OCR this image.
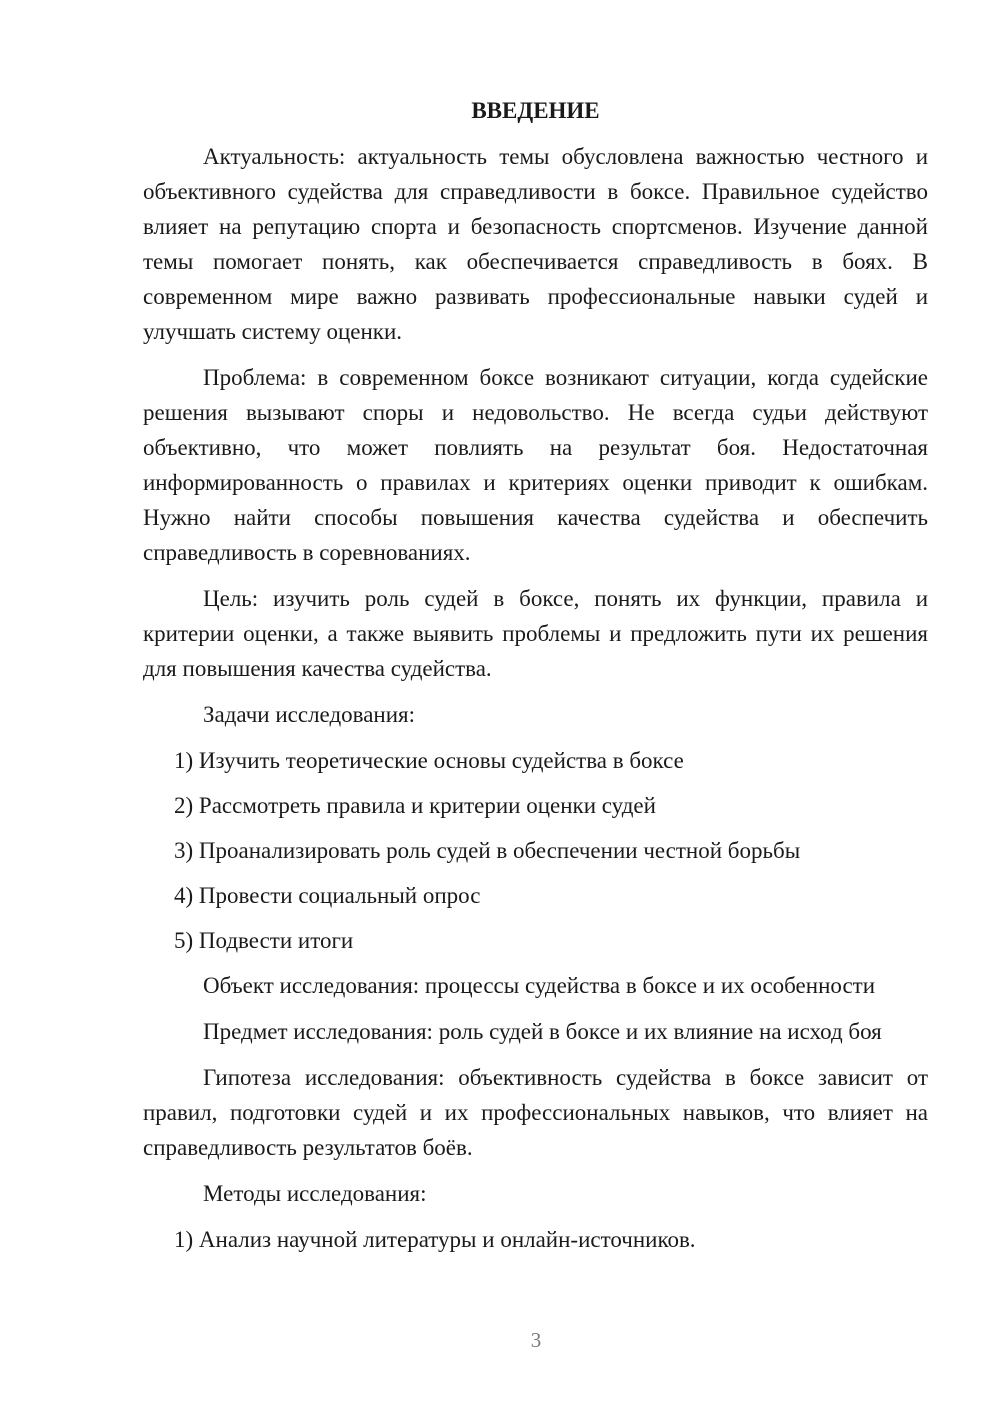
ВВЕДЕНИЕ

Актуальность: актуальность темы обусловлена важностью честного и объективного судейства для справедливости в боксе. Правильное судейство влияет на репутацию спорта и безопасность спортсменов. Изучение данной темы помогает понять, как обеспечивается справедливость в боях. В современном мире важно развивать профессиональные навыки судей и улучшать систему оценки.

Проблема: в современном боксе возникают ситуации, когда судейские решения вызывают споры и недовольство. Не всегда судьи действуют объективно, что может повлиять на результат боя. Недостаточная информированность о правилах и критериях оценки приводит к ошибкам. Нужно найти способы повышения качества судейства и обеспечить справедливость в соревнованиях.

Цель: изучить роль судей в боксе, понять их функции, правила и критерии оценки, а также выявить проблемы и предложить пути их решения для повышения качества судейства.

Задачи исследования:

1) Изучить теоретические основы судейства в боксе

2) Рассмотреть правила и критерии оценки судей

3) Проанализировать роль судей в обеспечении честной борьбы

4) Провести социальный опрос

5) Подвести итоги

Объект исследования: процессы судейства в боксе и их особенности

Предмет исследования: роль судей в боксе и их влияние на исход боя

Гипотеза исследования: объективность судейства в боксе зависит от правил, подготовки судей и их профессиональных навыков, что влияет на справедливость результатов боёв.

Методы исследования:

1) Анализ научной литературы и онлайн-источников.

3
